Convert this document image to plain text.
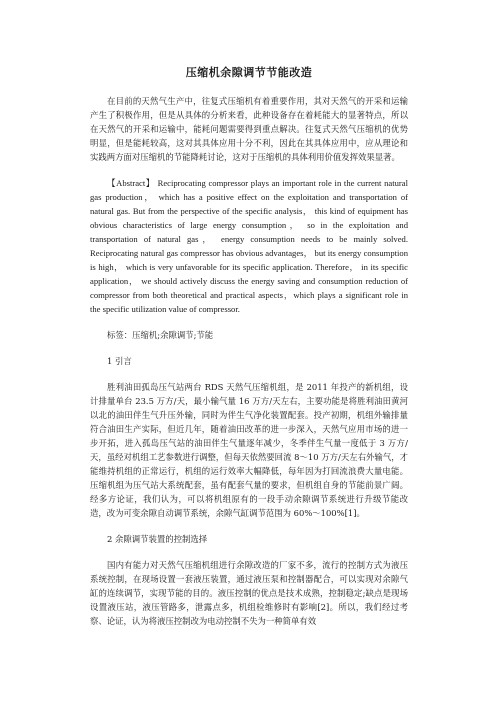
压缩机余隙调节节能改造

在目前的天然气生产中，往复式压缩机有着重要作用，其对天然气的开采和运输产生了积极作用，但是从具体的分析来看，此种设备存在着耗能大的显著特点，所以在天然气的开采和运输中，能耗问题需要得到重点解决。往复式天然气压缩机的优势明显，但是能耗较高，这对其具体应用十分不利，因此在其具体应用中，应从理论和实践两方面对压缩机的节能降耗讨论，这对于压缩机的具体利用价值发挥效果显著。

【Abstract】 Reciprocating compressor plays an important role in the current natural gas production， which has a positive effect on the exploitation and transportation of natural gas. But from the perspective of the specific analysis， this kind of equipment has obvious characteristics of large energy consumption， so in the exploitation and transportation of natural gas， energy consumption needs to be mainly solved. Reciprocating natural gas compressor has obvious advantages， but its energy consumption is high， which is very unfavorable for its specific application. Therefore， in its specific application， we should actively discuss the energy saving and consumption reduction of compressor from both theoretical and practical aspects，which plays a significant role in the specific utilization value of compressor.

标签：压缩机;余隙调节;节能

1 引言

胜利油田孤岛压气站两台 RDS 天然气压缩机组，是 2011 年投产的新机组，设计排量单台 23.5 万方/天，最小输气量 16 万方/天左右，主要功能是将胜利油田黄河以北的油田伴生气升压外输，同时为伴生气净化装置配套。投产初期，机组外输排量符合油田生产实际，但近几年，随着油田改革的进一步深入，天然气应用市场的进一步开拓，进入孤岛压气站的油田伴生气量逐年减少，冬季伴生气量一度低于 3 万方/天，虽经对机组工艺参数进行调整，但每天依然要回流 8～10 万方/天左右外输气，才能维持机组的正常运行，机组的运行效率大幅降低，每年因为打回流浪费大量电能。压缩机组为压气站大系统配套，虽有配套气量的要求，但机组自身的节能前景广阔。经多方论证，我们认为，可以将机组原有的一段手动余隙调节系统进行升级节能改造，改为可变余隙自动调节系统，余隙气缸调节范围为 60%～100%[1]。

2 余隙调节装置的控制选择

国内有能力对天然气压缩机组进行余隙改造的厂家不多，流行的控制方式为液压系统控制，在现场设置一套液压装置，通过液压泵和控制器配合，可以实现对余隙气缸的连续调节，实现节能的目的。液压控制的优点是技术成熟，控制稳定;缺点是现场设置液压站，液压管路多，泄露点多，机组检维修时有影响[2]。所以，我们经过考察、论证，认为将液压控制改为电动控制不失为一种简单有效
